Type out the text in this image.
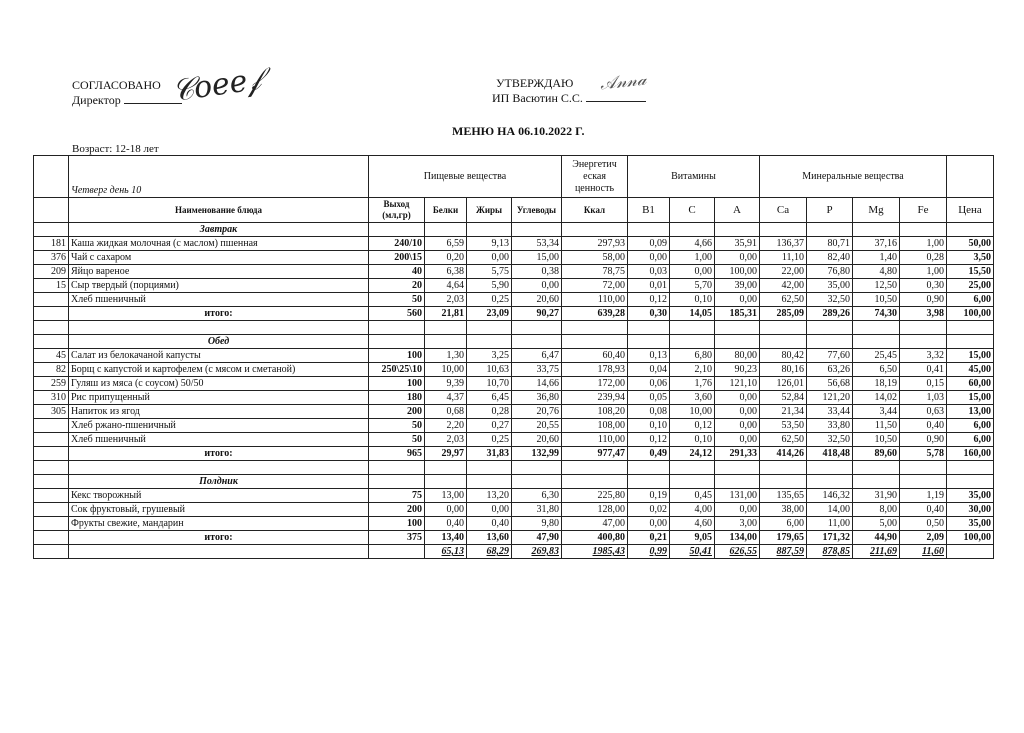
СОГЛАСОВАНО
Директор	𝒞𝑜𝑒𝑒𝒻	УТВЕРЖДАЮ
ИП Васютин С.С.
𝒜𝓃𝓃𝒶
МЕНЮ НА 06.10.2022 Г.
Возраст: 12-18 лет
	Четверг день 10	Пищевые вещества				Энергетич еская ценность	Витамины			Минеральные вещества				
	Наименование блюда	Выход (мл,гр)	Белки	Жиры	Углеводы	Ккал	B1	C	A	Ca	P	Mg	Fe	Цена
	Завтрак													
181	Каша жидкая молочная (с маслом) пшенная	240/10	6,59	9,13	53,34	297,93	0,09	4,66	35,91	136,37	80,71	37,16	1,00	50,00
376	Чай с сахаром	200\15	0,20	0,00	15,00	58,00	0,00	1,00	0,00	11,10	82,40	1,40	0,28	3,50
209	Яйцо вареное	40	6,38	5,75	0,38	78,75	0,03	0,00	100,00	22,00	76,80	4,80	1,00	15,50
15	Сыр твердый (порциями)	20	4,64	5,90	0,00	72,00	0,01	5,70	39,00	42,00	35,00	12,50	0,30	25,00
	Хлеб пшеничный	50	2,03	0,25	20,60	110,00	0,12	0,10	0,00	62,50	32,50	10,50	0,90	6,00
	итого:	560	21,81	23,09	90,27	639,28	0,30	14,05	185,31	285,09	289,26	74,30	3,98	100,00

	Обед													
45	Салат из белокачаной капусты	100	1,30	3,25	6,47	60,40	0,13	6,80	80,00	80,42	77,60	25,45	3,32	15,00
82	Борщ с капустой и картофелем (с мясом и сметаной)	250\25\10	10,00	10,63	33,75	178,93	0,04	2,10	90,23	80,16	63,26	6,50	0,41	45,00
259	Гуляш из мяса (с соусом) 50/50	100	9,39	10,70	14,66	172,00	0,06	1,76	121,10	126,01	56,68	18,19	0,15	60,00
310	Рис припущенный	180	4,37	6,45	36,80	239,94	0,05	3,60	0,00	52,84	121,20	14,02	1,03	15,00
305	Напиток из ягод	200	0,68	0,28	20,76	108,20	0,08	10,00	0,00	21,34	33,44	3,44	0,63	13,00
	Хлеб ржано-пшеничный	50	2,20	0,27	20,55	108,00	0,10	0,12	0,00	53,50	33,80	11,50	0,40	6,00
	Хлеб пшеничный	50	2,03	0,25	20,60	110,00	0,12	0,10	0,00	62,50	32,50	10,50	0,90	6,00
	итого:	965	29,97	31,83	132,99	977,47	0,49	24,12	291,33	414,26	418,48	89,60	5,78	160,00

	Полдник													
	Кекс творожный	75	13,00	13,20	6,30	225,80	0,19	0,45	131,00	135,65	146,32	31,90	1,19	35,00
	Сок фруктовый, грушевый	200	0,00	0,00	31,80	128,00	0,02	4,00	0,00	38,00	14,00	8,00	0,40	30,00
	Фрукты свежие, мандарин	100	0,40	0,40	9,80	47,00	0,00	4,60	3,00	6,00	11,00	5,00	0,50	35,00
	итого:	375	13,40	13,60	47,90	400,80	0,21	9,05	134,00	179,65	171,32	44,90	2,09	100,00
			65,13	68,29	269,83	1985,43	0,99	50,41	626,55	887,59	878,85	211,69	11,60	
